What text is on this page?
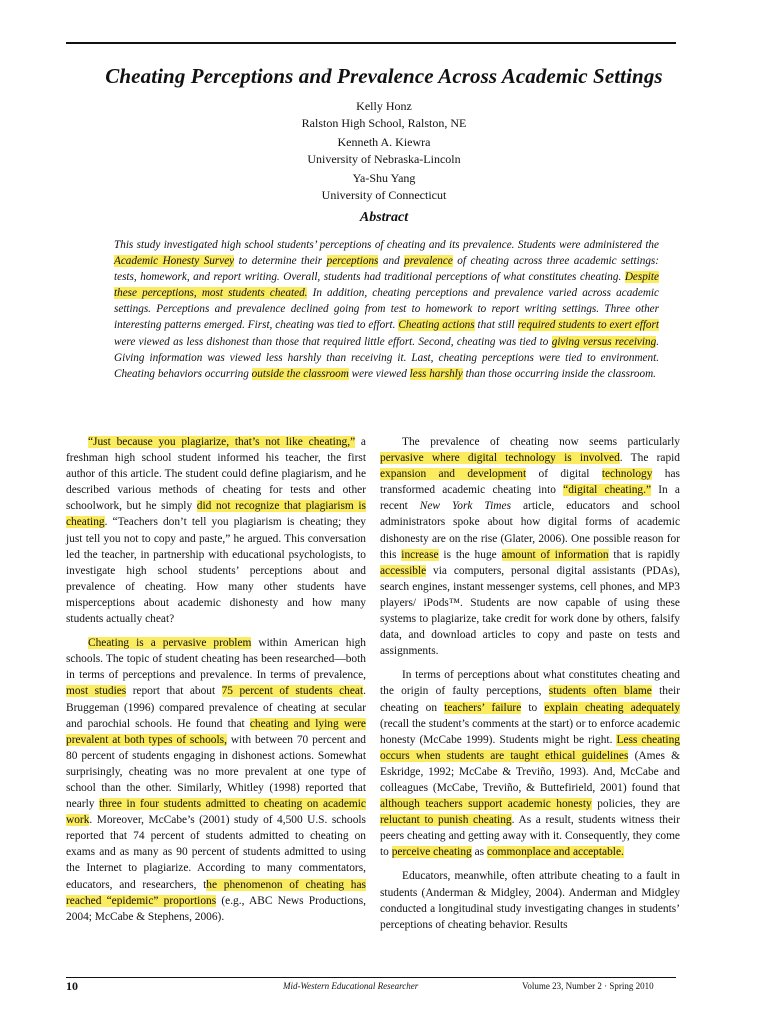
Cheating Perceptions and Prevalence Across Academic Settings
Kelly Honz
Ralston High School, Ralston, NE
Kenneth A. Kiewra
University of Nebraska-Lincoln
Ya-Shu Yang
University of Connecticut
Abstract
This study investigated high school students’ perceptions of cheating and its prevalence. Students were administered the Academic Honesty Survey to determine their perceptions and prevalence of cheating across three academic settings: tests, homework, and report writing. Overall, students had traditional perceptions of what constitutes cheating. Despite these perceptions, most students cheated. In addition, cheating perceptions and prevalence varied across academic settings. Perceptions and prevalence declined going from test to homework to report writing settings. Three other interesting patterns emerged. First, cheating was tied to effort. Cheating actions that still required students to exert effort were viewed as less dishonest than those that required little effort. Second, cheating was tied to giving versus receiving. Giving information was viewed less harshly than receiving it. Last, cheating perceptions were tied to environment. Cheating behaviors occurring outside the classroom were viewed less harshly than those occurring inside the classroom.

“Just because you plagiarize, that’s not like cheating,” a freshman high school student informed his teacher, the first author of this article. The student could define plagiarism, and he described various methods of cheating for tests and other schoolwork, but he simply did not recognize that plagiarism is cheating. “Teachers don’t tell you plagiarism is cheating; they just tell you not to copy and paste,” he argued. This conversation led the teacher, in partnership with educational psychologists, to investigate high school students’ perceptions about and prevalence of cheating. How many other students have misperceptions about academic dishonesty and how many students actually cheat?

Cheating is a pervasive problem within American high schools. The topic of student cheating has been researched—both in terms of perceptions and prevalence. In terms of prevalence, most studies report that about 75 percent of students cheat. Bruggeman (1996) compared prevalence of cheating at secular and parochial schools. He found that cheating and lying were prevalent at both types of schools, with between 70 percent and 80 percent of students engaging in dishonest actions. Somewhat surprisingly, cheating was no more prevalent at one type of school than the other. Similarly, Whitley (1998) reported that nearly three in four students admitted to cheating on academic work. Moreover, McCabe’s (2001) study of 4,500 U.S. schools reported that 74 percent of students admitted to cheating on exams and as many as 90 percent of students admitted to using the Internet to plagiarize. According to many commentators, educators, and researchers, the phenomenon of cheating has reached “epidemic” proportions (e.g., ABC News Productions, 2004; McCabe & Stephens, 2006).

The prevalence of cheating now seems particularly pervasive where digital technology is involved. The rapid expansion and development of digital technology has transformed academic cheating into “digital cheating.” In a recent New York Times article, educators and school administrators spoke about how digital forms of academic dishonesty are on the rise (Glater, 2006). One possible reason for this increase is the huge amount of information that is rapidly accessible via computers, personal digital assistants (PDAs), search engines, instant messenger systems, cell phones, and MP3 players/ iPods™. Students are now capable of using these systems to plagiarize, take credit for work done by others, falsify data, and download articles to copy and paste on tests and assignments.

In terms of perceptions about what constitutes cheating and the origin of faulty perceptions, students often blame their cheating on teachers’ failure to explain cheating adequately (recall the student’s comments at the start) or to enforce academic honesty (McCabe 1999). Students might be right. Less cheating occurs when students are taught ethical guidelines (Ames & Eskridge, 1992; McCabe & Treviño, 1993). And, McCabe and colleagues (McCabe, Treviño, & Buttefirield, 2001) found that although teachers support academic honesty policies, they are reluctant to punish cheating. As a result, students witness their peers cheating and getting away with it. Consequently, they come to perceive cheating as commonplace and acceptable.

Educators, meanwhile, often attribute cheating to a fault in students (Anderman & Midgley, 2004). Anderman and Midgley conducted a longitudinal study investigating changes in students’ perceptions of cheating behavior. Results

10	Mid-Western Educational Researcher	Volume 23, Number 2 · Spring 2010
